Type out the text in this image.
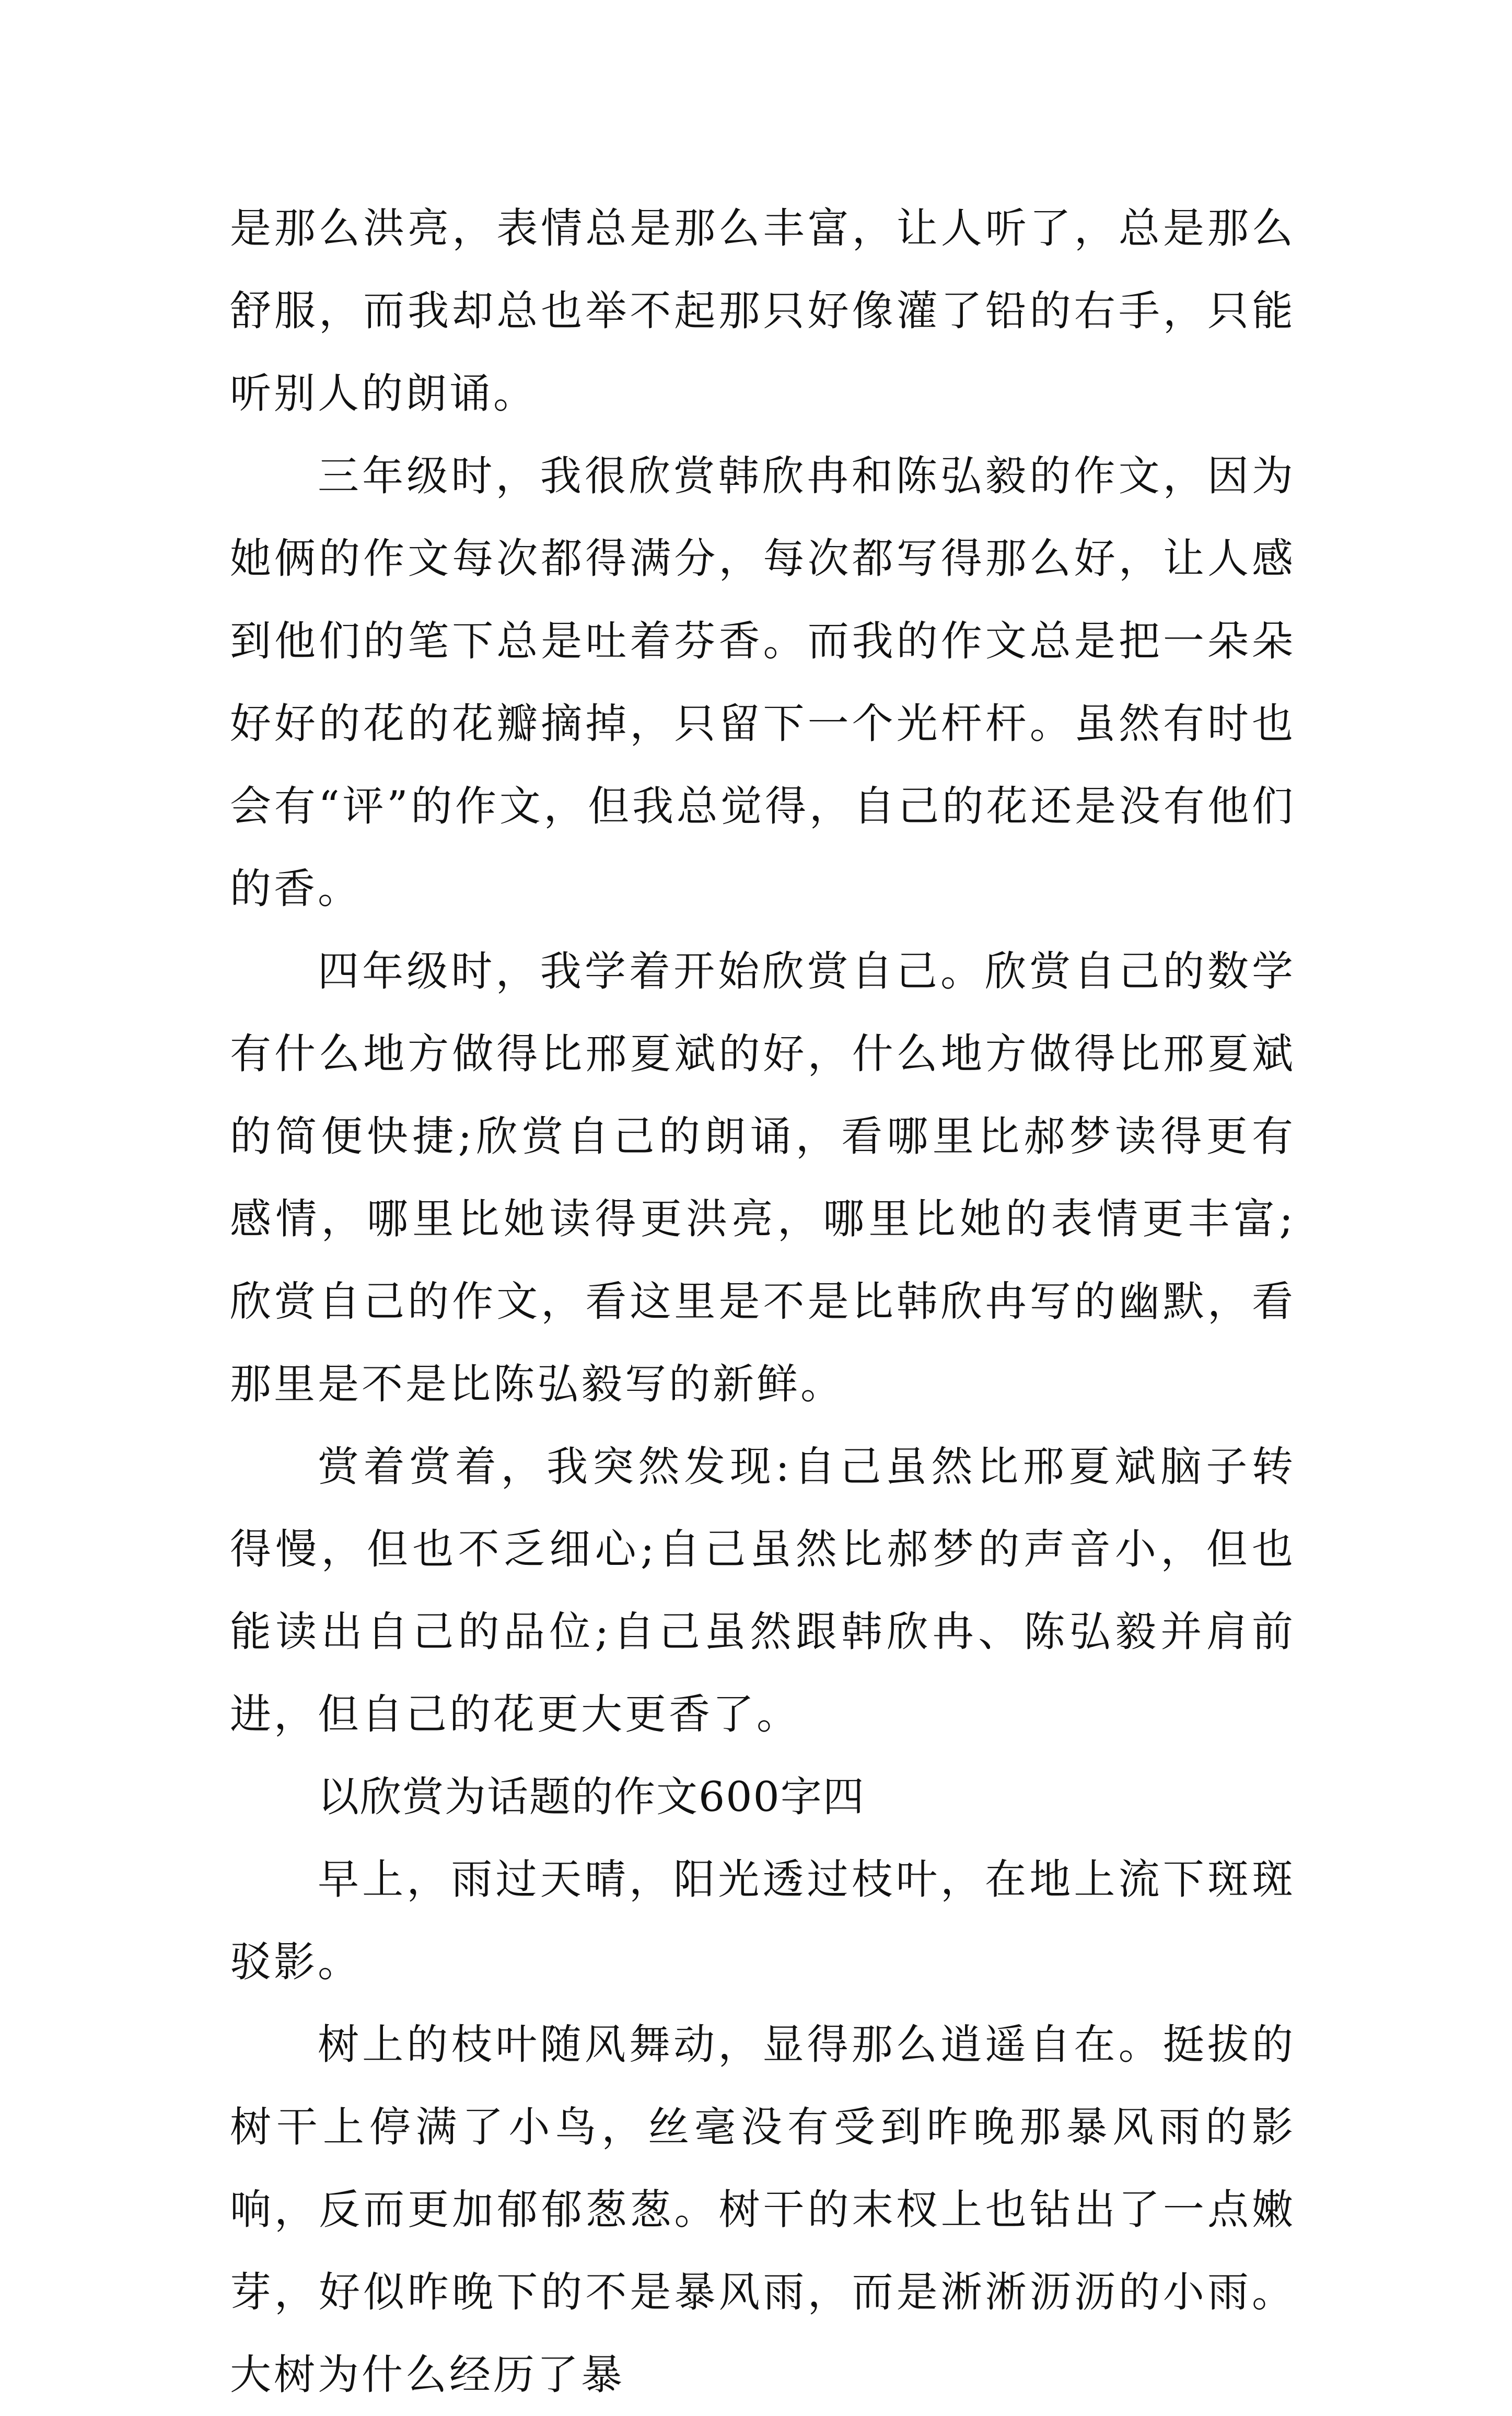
是那么洪亮，表情总是那么丰富，让人听了，总是那么舒服，而我却总也举不起那只好像灌了铅的右手，只能听别人的朗诵。

三年级时，我很欣赏韩欣冉和陈弘毅的作文，因为她俩的作文每次都得满分，每次都写得那么好，让人感到他们的笔下总是吐着芬香。而我的作文总是把一朵朵好好的花的花瓣摘掉，只留下一个光杆杆。虽然有时也会有“评”的作文，但我总觉得，自己的花还是没有他们的香。

四年级时，我学着开始欣赏自己。欣赏自己的数学有什么地方做得比邢夏斌的好，什么地方做得比邢夏斌的简便快捷;欣赏自己的朗诵，看哪里比郝梦读得更有感情，哪里比她读得更洪亮，哪里比她的表情更丰富;欣赏自己的作文，看这里是不是比韩欣冉写的幽默，看那里是不是比陈弘毅写的新鲜。

赏着赏着，我突然发现:自己虽然比邢夏斌脑子转得慢，但也不乏细心;自己虽然比郝梦的声音小，但也能读出自己的品位;自己虽然跟韩欣冉、陈弘毅并肩前进，但自己的花更大更香了。

以欣赏为话题的作文600字四

早上，雨过天晴，阳光透过枝叶，在地上流下斑斑驳影。

树上的枝叶随风舞动，显得那么逍遥自在。挺拔的树干上停满了小鸟，丝毫没有受到昨晚那暴风雨的影响，反而更加郁郁葱葱。树干的末杈上也钻出了一点嫩芽，好似昨晚下的不是暴风雨，而是淅淅沥沥的小雨。大树为什么经历了暴
